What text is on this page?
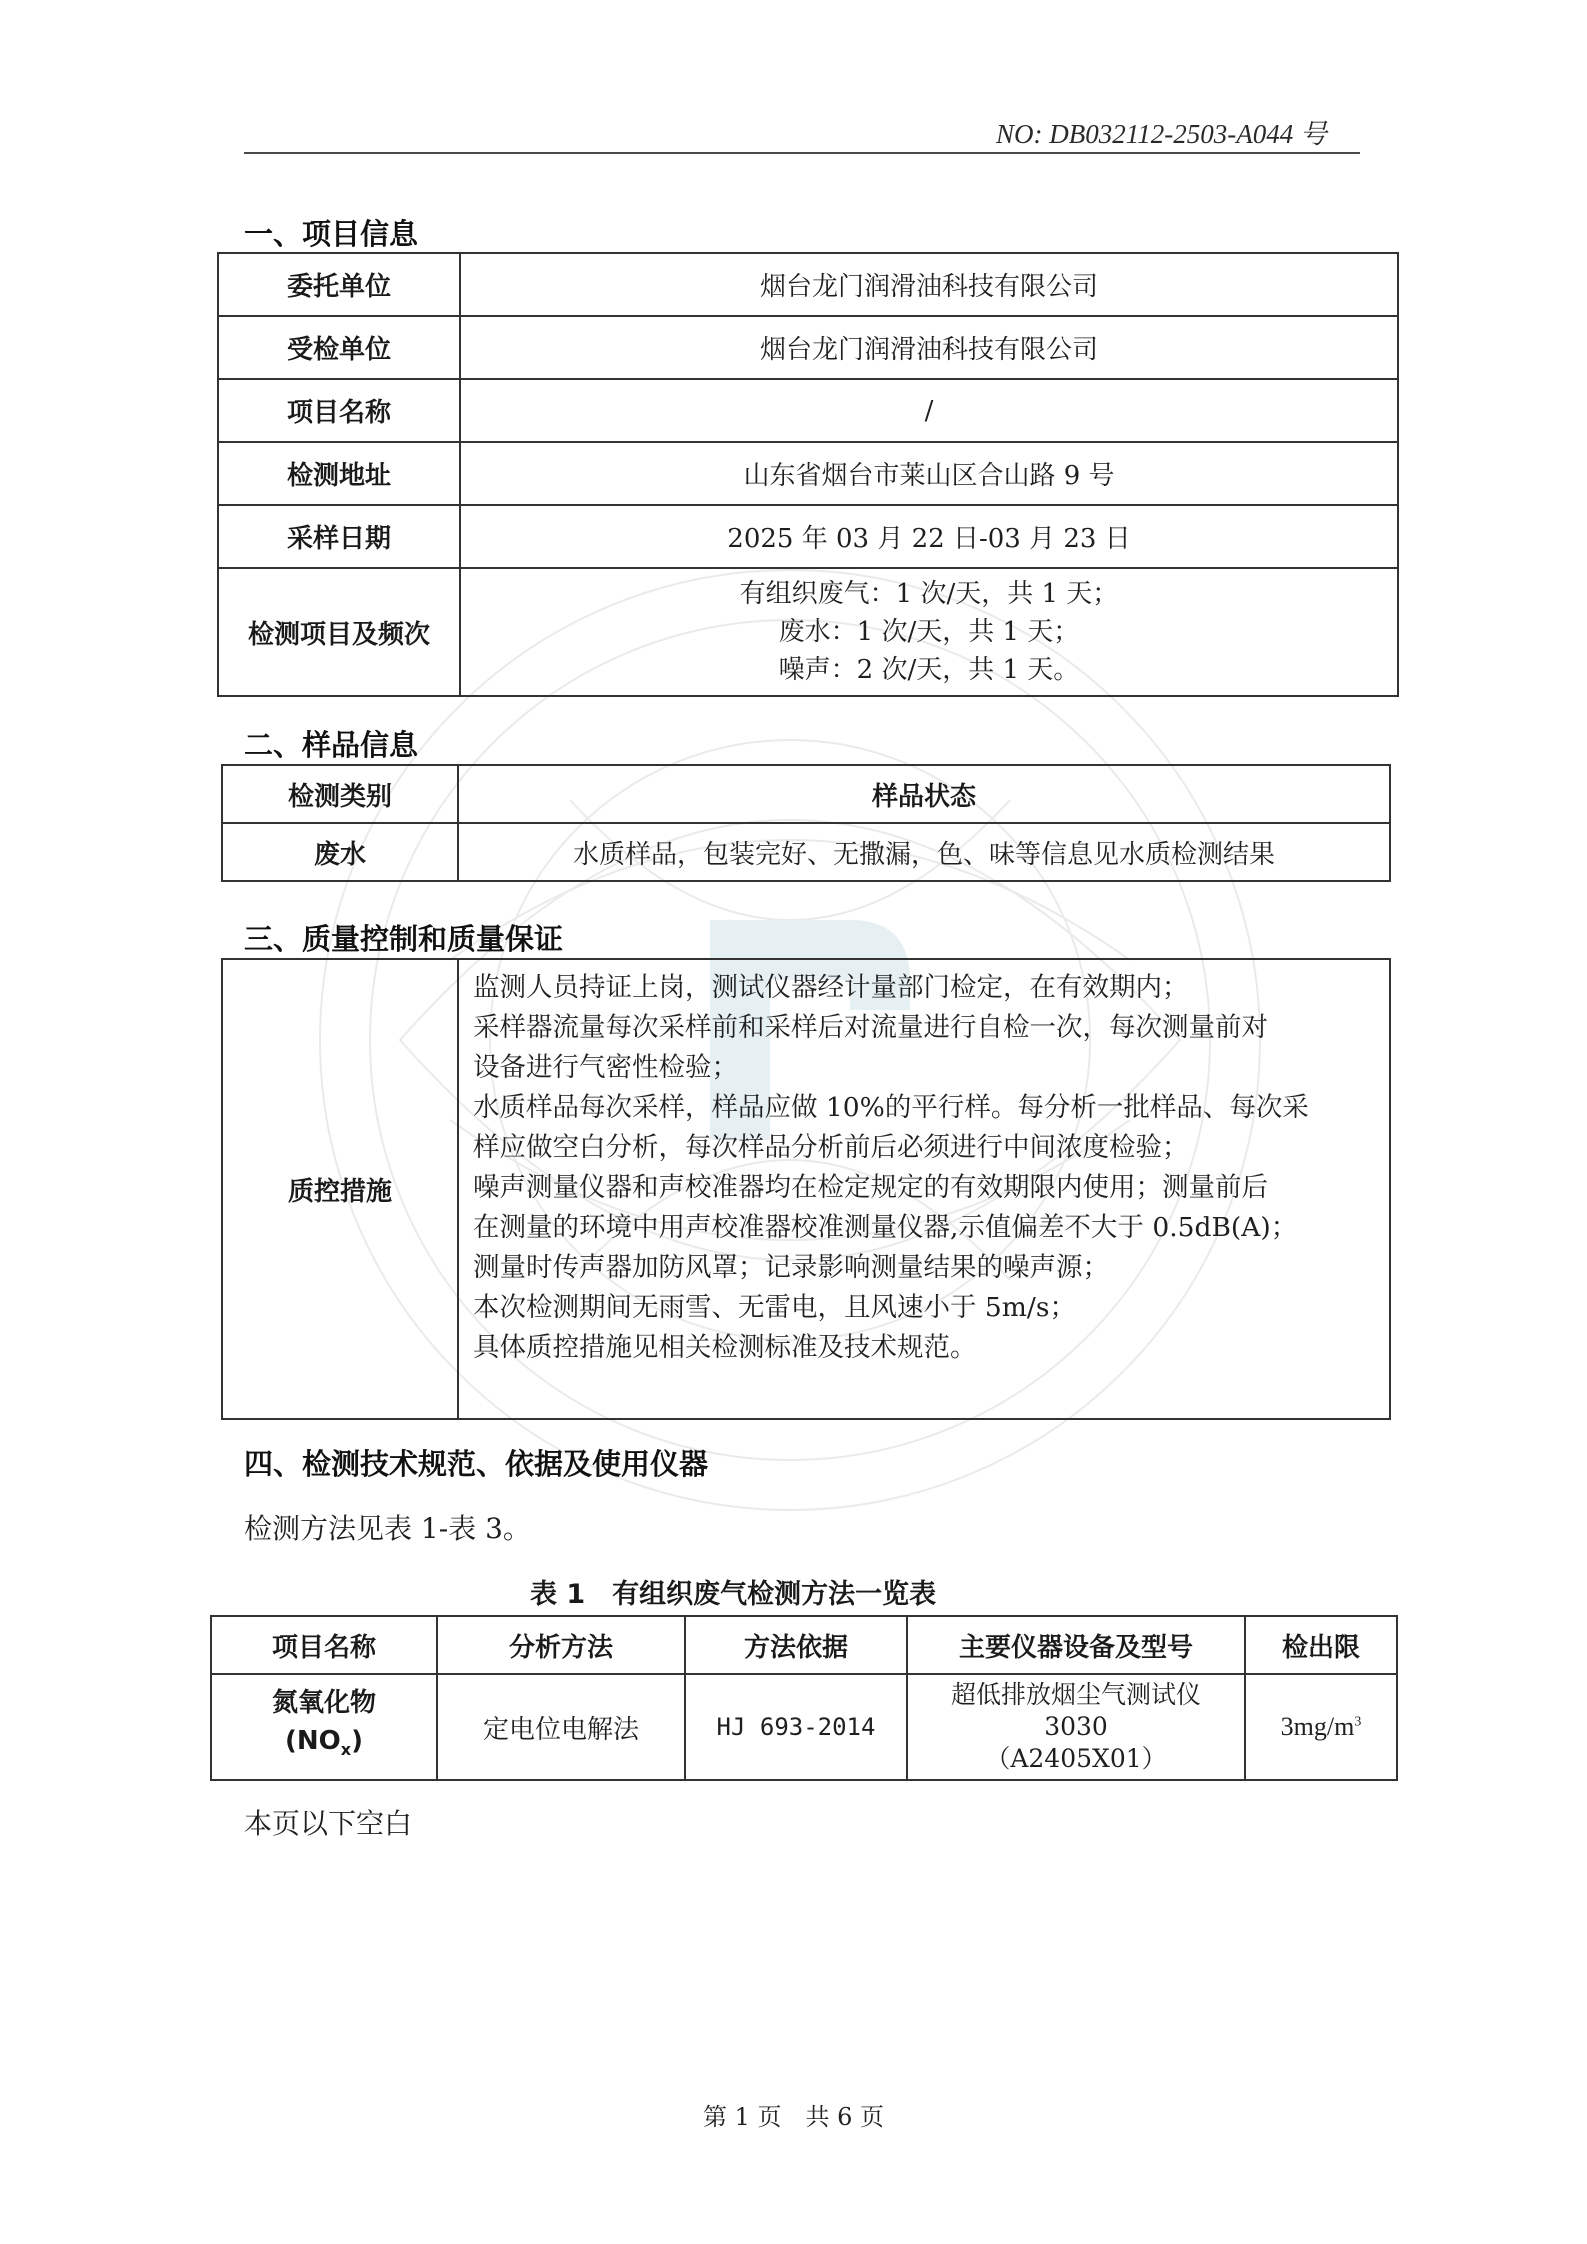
NO: DB032112-2503-A044 号
一、项目信息
委托单位	烟台龙门润滑油科技有限公司
受检单位	烟台龙门润滑油科技有限公司
项目名称	/
检测地址	山东省烟台市莱山区合山路 9 号
采样日期	2025 年 03 月 22 日-03 月 23 日
检测项目及频次	有组织废气：1 次/天，共 1 天；
废水：1 次/天，共 1 天；
噪声：2 次/天，共 1 天。
二、样品信息
检测类别	样品状态
废水	水质样品，包装完好、无撒漏，色、味等信息见水质检测结果
三、质量控制和质量保证
质控措施	
监测人员持证上岗，测试仪器经计量部门检定，在有效期内；
采样器流量每次采样前和采样后对流量进行自检一次，每次测量前对
设备进行气密性检验；
水质样品每次采样，样品应做 10%的平行样。每分析一批样品、每次采
样应做空白分析，每次样品分析前后必须进行中间浓度检验；
噪声测量仪器和声校准器均在检定规定的有效期限内使用；测量前后
在测量的环境中用声校准器校准测量仪器,示值偏差不大于 0.5dB(A)；
测量时传声器加防风罩；记录影响测量结果的噪声源；
本次检测期间无雨雪、无雷电，且风速小于 5m/s；
具体质控措施见相关检测标准及技术规范。
四、检测技术规范、依据及使用仪器
检测方法见表 1-表 3。
表 1　有组织废气检测方法一览表
项目名称	分析方法	方法依据	主要仪器设备及型号	检出限

氮氧化物
$(NO_x)$	定电位电解法	HJ 693-2014	超低排放烟尘气测试仪
3030
（A2405X01）	$3mg/m^3$
本页以下空白
第 1 页　共 6 页
